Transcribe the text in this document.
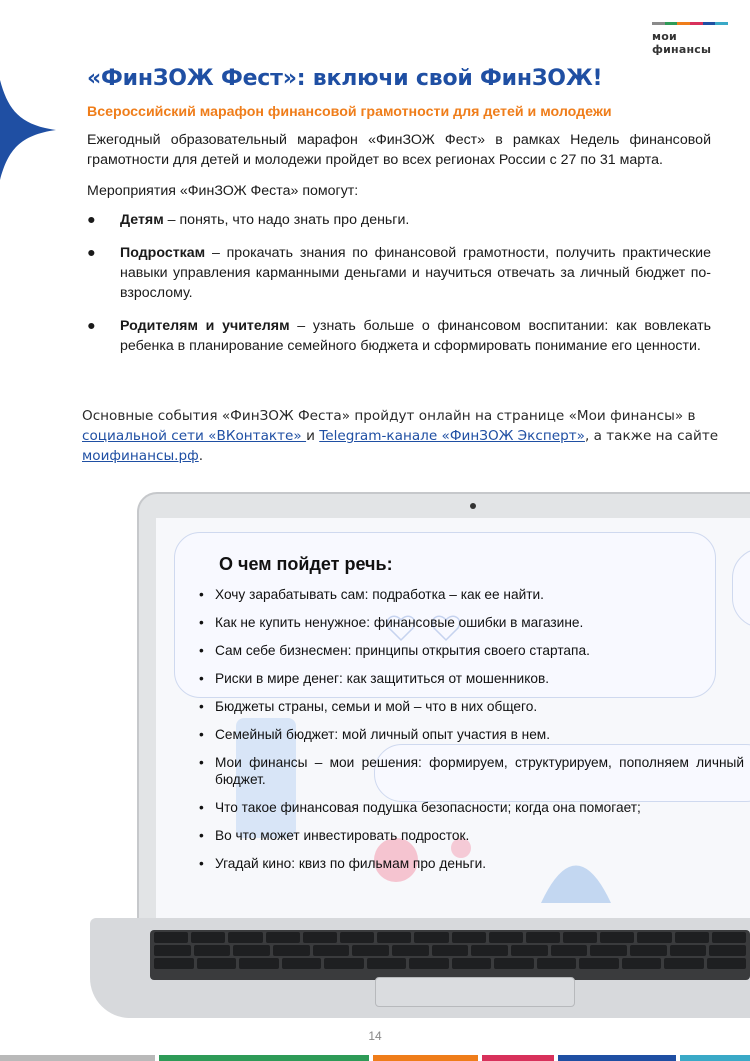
мои финансы
«ФинЗОЖ Фест»: включи свой ФинЗОЖ!
Всероссийский марафон финансовой грамотности для детей и молодежи

Ежегодный образовательный марафон «ФинЗОЖ Фест» в рамках Недель финансовой грамотности для детей и молодежи пройдет во всех регионах России с 27 по 31 марта.

Мероприятия «ФинЗОЖ Феста» помогут:

● Детям – понять, что надо знать про деньги.
● Подросткам – прокачать знания по финансовой грамотности, получить практические навыки управления карманными деньгами и научиться отвечать за личный бюджет по-взрослому.
● Родителям и учителям – узнать больше о финансовом воспитании: как вовлекать ребенка в планирование семейного бюджета и сформировать понимание его ценности.

Основные события «ФинЗОЖ Феста» пройдут онлайн на странице «Мои финансы» в социальной сети «ВКонтакте» и Telegram-канале «ФинЗОЖ Эксперт», а также на сайте моифинансы.рф.

О чем пойдет речь:
• Хочу зарабатывать сам: подработка – как ее найти.
• Как не купить ненужное: финансовые ошибки в магазине.
• Сам себе бизнесмен: принципы открытия своего стартапа.
• Риски в мире денег: как защититься от мошенников.
• Бюджеты страны, семьи и мой – что в них общего.
• Семейный бюджет: мой личный опыт участия в нем.
• Мои финансы – мои решения: формируем, структурируем, пополняем личный бюджет.
• Что такое финансовая подушка безопасности; когда она помогает;
• Во что может инвестировать подросток.
• Угадай кино: квиз по фильмам про деньги.
14
